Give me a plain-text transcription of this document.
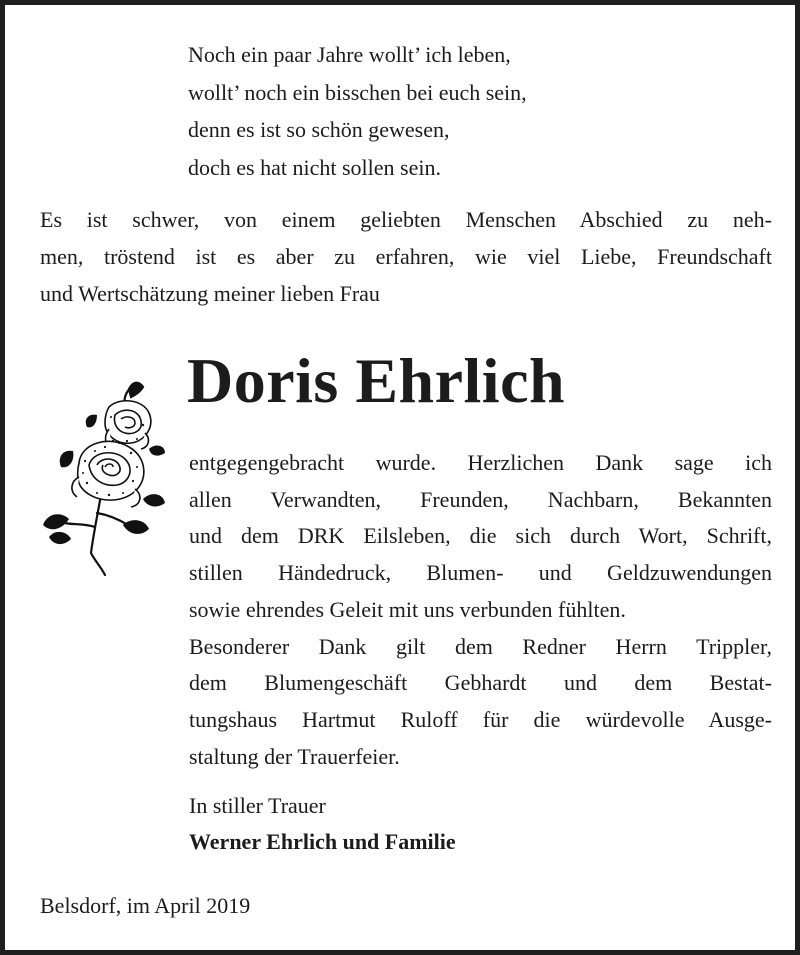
Noch ein paar Jahre wollt’ ich leben,
wollt’ noch ein bisschen bei euch sein,
denn es ist so schön gewesen,
doch es hat nicht sollen sein.
Es ist schwer, von einem geliebten Menschen Abschied zu neh-
men, tröstend ist es aber zu erfahren, wie viel Liebe, Freundschaft
und Wertschätzung meiner lieben Frau
Doris Ehrlich
entgegengebracht wurde. Herzlichen Dank sage ich
allen Verwandten, Freunden, Nachbarn, Bekannten
und dem DRK Eilsleben, die sich durch Wort, Schrift,
stillen Händedruck, Blumen- und Geldzuwendungen
sowie ehrendes Geleit mit uns verbunden fühlten.
Besonderer Dank gilt dem Redner Herrn Trippler,
dem Blumengeschäft Gebhardt und dem Bestat-
tungshaus Hartmut Ruloff für die würdevolle Ausge-
staltung der Trauerfeier.
In stiller Trauer
Werner Ehrlich und Familie
Belsdorf, im April 2019
